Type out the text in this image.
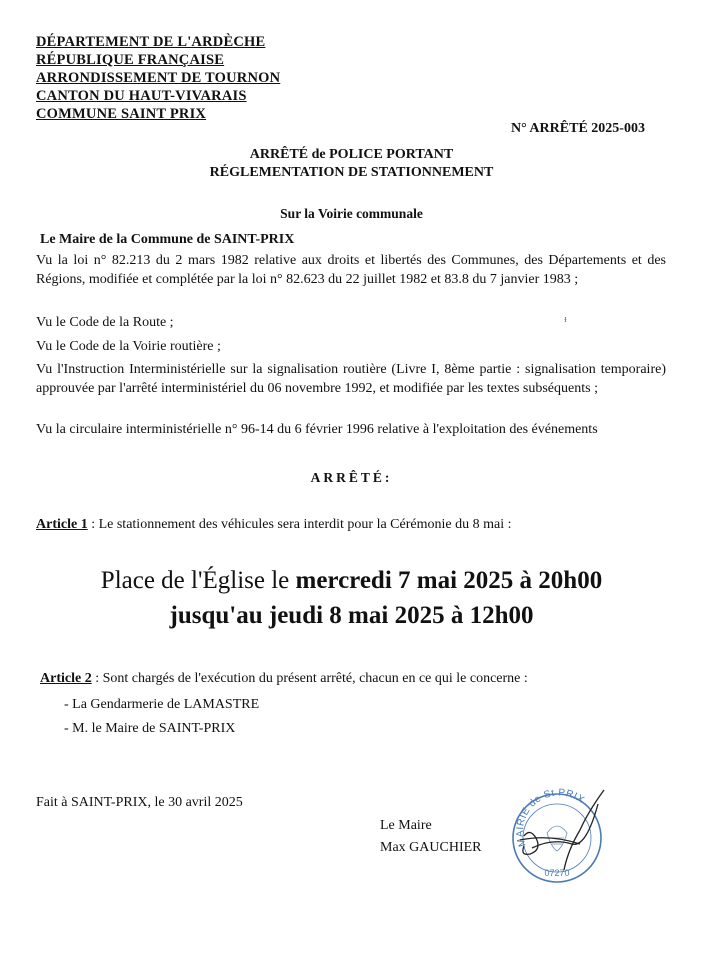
DÉPARTEMENT DE L'ARDÈCHE
RÉPUBLIQUE FRANÇAISE
ARRONDISSEMENT DE TOURNON
CANTON DU HAUT-VIVARAIS
COMMUNE SAINT PRIX
N° ARRÊTÉ 2025-003
ARRÊTÉ de POLICE PORTANT
RÉGLEMENTATION DE STATIONNEMENT
Sur la Voirie communale
Le Maire de la Commune de SAINT-PRIX
Vu la loi n° 82.213 du 2 mars 1982 relative aux droits et libertés des Communes, des Départements et des Régions, modifiée et complétée par la loi n° 82.623 du 22 juillet 1982 et 83.8 du 7 janvier 1983 ;
Vu le Code de la Route ;
Vu le Code de la Voirie routière ;
Vu l'Instruction Interministérielle sur la signalisation routière (Livre I, 8ème partie : signalisation temporaire) approuvée par l'arrêté interministériel du 06 novembre 1992, et modifiée par les textes subséquents ;
Vu la circulaire interministérielle n° 96-14 du 6 février 1996 relative à l'exploitation des événements
ARRÊTÉ:
Article 1 : Le stationnement des véhicules sera interdit pour la Cérémonie du 8 mai :
Place de l'Église le mercredi 7 mai 2025 à 20h00
jusqu'au jeudi 8 mai 2025 à 12h00
Article 2 : Sont chargés de l'exécution du présent arrêté, chacun en ce qui le concerne :
- La Gendarmerie de LAMASTRE
- M. le Maire de SAINT-PRIX
Fait à SAINT-PRIX, le 30 avril 2025
Le Maire
Max GAUCHIER
ᵻ
MAIRIE de St PRIX
07270
